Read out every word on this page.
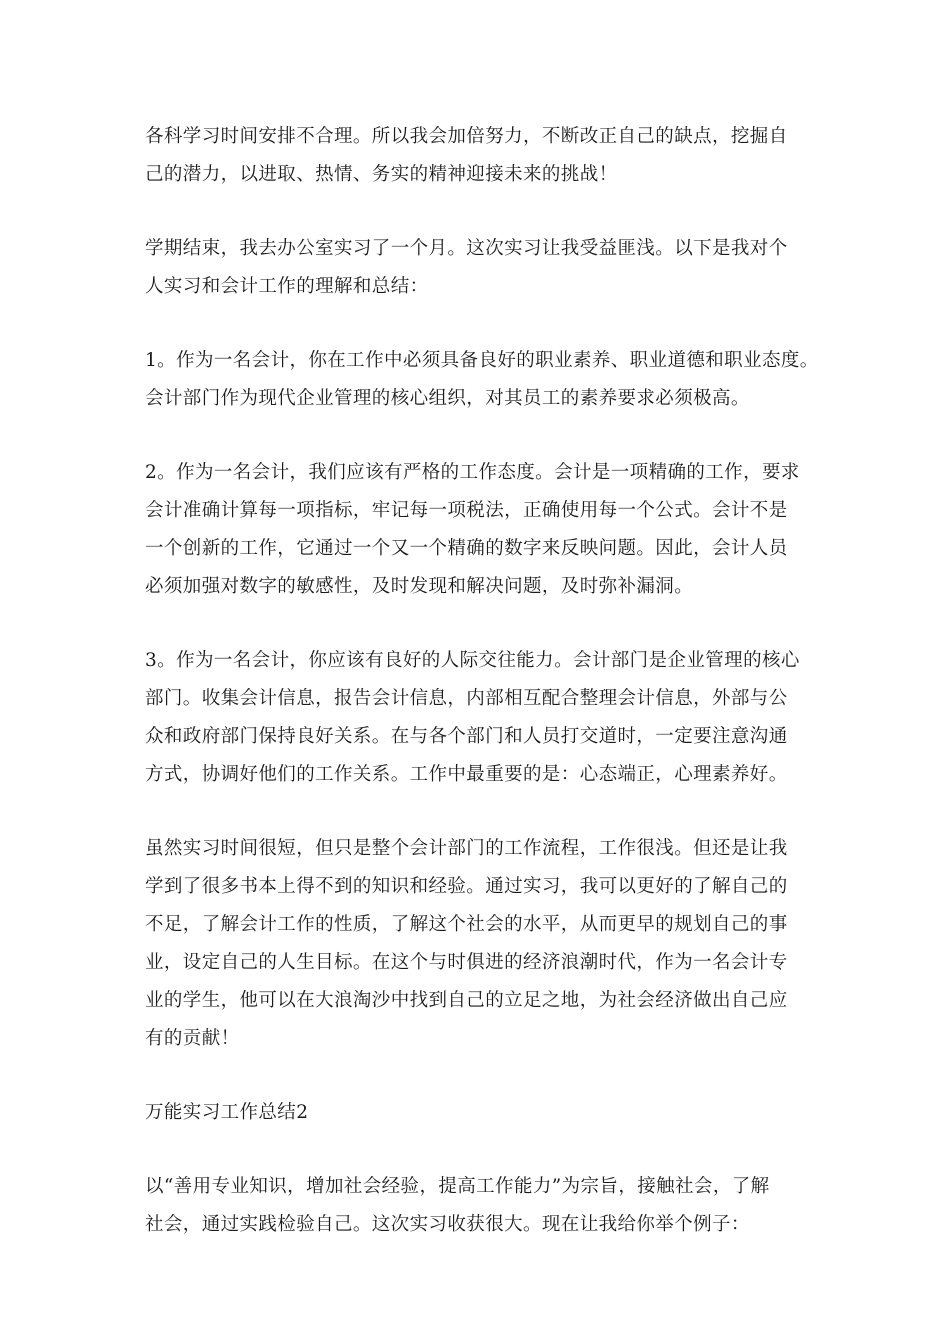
各科学习时间安排不合理。所以我会加倍努力，不断改正自己的缺点，挖掘自
己的潜力，以进取、热情、务实的精神迎接未来的挑战！
学期结束，我去办公室实习了一个月。这次实习让我受益匪浅。以下是我对个
人实习和会计工作的理解和总结：
1。作为一名会计，你在工作中必须具备良好的职业素养、职业道德和职业态度。
会计部门作为现代企业管理的核心组织，对其员工的素养要求必须极高。
2。作为一名会计，我们应该有严格的工作态度。会计是一项精确的工作，要求
会计准确计算每一项指标，牢记每一项税法，正确使用每一个公式。会计不是
一个创新的工作，它通过一个又一个精确的数字来反映问题。因此，会计人员
必须加强对数字的敏感性，及时发现和解决问题，及时弥补漏洞。
3。作为一名会计，你应该有良好的人际交往能力。会计部门是企业管理的核心
部门。收集会计信息，报告会计信息，内部相互配合整理会计信息，外部与公
众和政府部门保持良好关系。在与各个部门和人员打交道时，一定要注意沟通
方式，协调好他们的工作关系。工作中最重要的是：心态端正，心理素养好。
虽然实习时间很短，但只是整个会计部门的工作流程，工作很浅。但还是让我
学到了很多书本上得不到的知识和经验。通过实习，我可以更好的了解自己的
不足，了解会计工作的性质，了解这个社会的水平，从而更早的规划自己的事
业，设定自己的人生目标。在这个与时俱进的经济浪潮时代，作为一名会计专
业的学生，他可以在大浪淘沙中找到自己的立足之地，为社会经济做出自己应
有的贡献！
万能实习工作总结2
以“善用专业知识，增加社会经验，提高工作能力”为宗旨，接触社会，了解
社会，通过实践检验自己。这次实习收获很大。现在让我给你举个例子：
